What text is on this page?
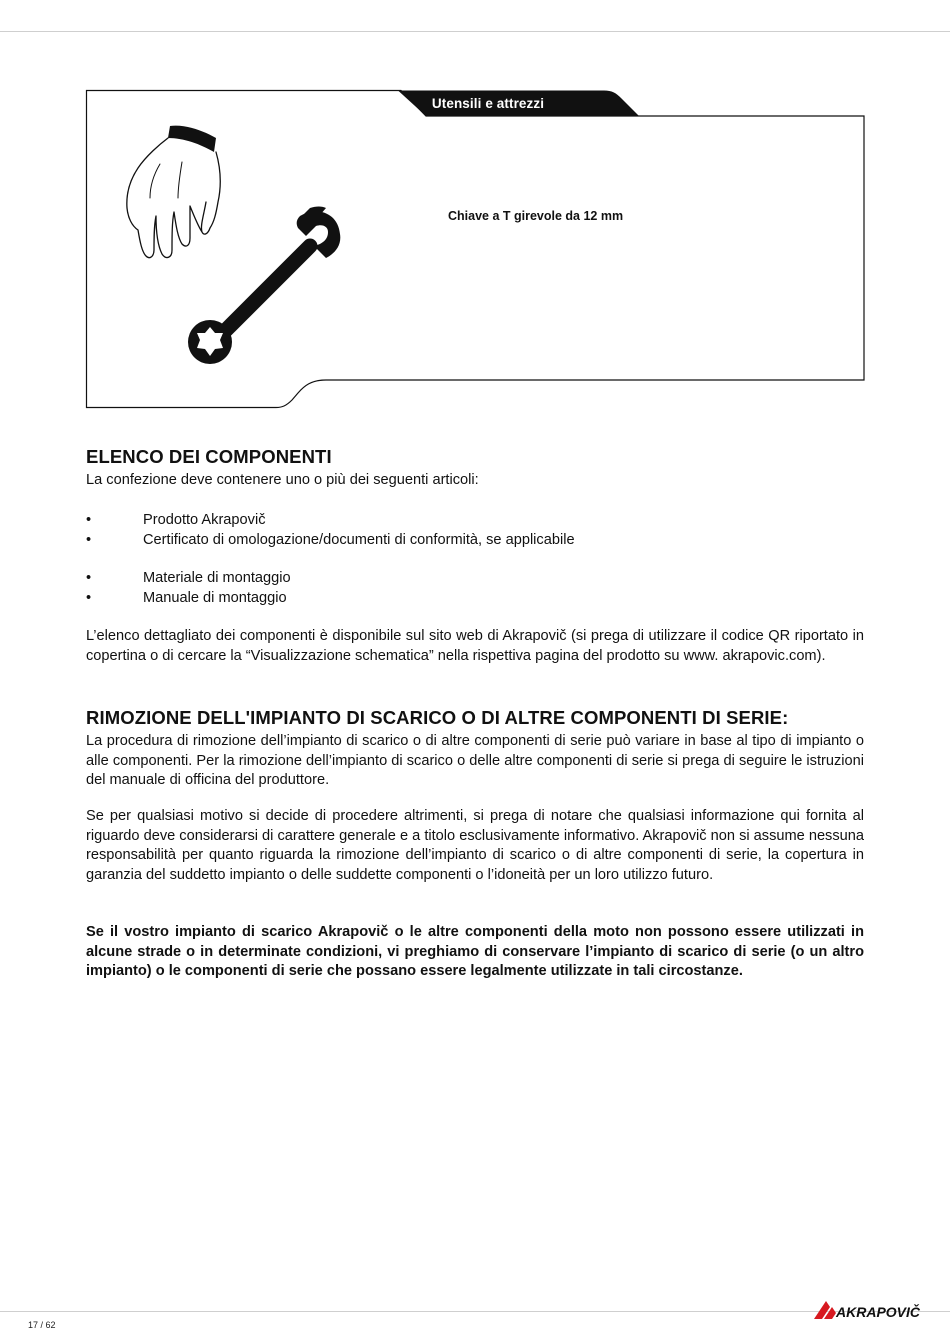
Utensili e attrezzi
Chiave a T girevole da 12 mm
ELENCO DEI COMPONENTI

La confezione deve contenere uno o più dei seguenti articoli:

•	Prodotto Akrapovič
•	Certificato di omologazione/documenti di conformità, se applicabile
•	Materiale di montaggio
•	Manuale di montaggio

L’elenco dettagliato dei componenti è disponibile sul sito web di Akrapovič (si prega di utilizzare il codice QR riportato in copertina o di cercare la “Visualizzazione schematica” nella rispettiva pagina del prodotto su www. akrapovic.com).

RIMOZIONE DELL'IMPIANTO DI SCARICO O DI ALTRE COMPONENTI DI SERIE:

La procedura di rimozione dell’impianto di scarico o di altre componenti di serie può variare in base al tipo di impianto o alle componenti. Per la rimozione dell’impianto di scarico o delle altre componenti di serie si prega di seguire le istruzioni del manuale di officina del produttore.

Se per qualsiasi motivo si decide di procedere altrimenti, si prega di notare che qualsiasi informazione qui fornita al riguardo deve considerarsi di carattere generale e a titolo esclusivamente informativo. Akrapovič non si assume nessuna responsabilità per quanto riguarda la rimozione dell’impianto di scarico o di altre componenti di serie, la copertura in garanzia del suddetto impianto o delle suddette componenti o l’idoneità per un loro utilizzo futuro.

Se il vostro impianto di scarico Akrapovič o le altre componenti della moto non possono essere utilizzati in alcune strade o in determinate condizioni, vi preghiamo di conservare l’impianto di scarico di serie (o un altro impianto) o le componenti di serie che possano essere legalmente utilizzate in tali circostanze.

17 / 62
AKRAPOVIČ
